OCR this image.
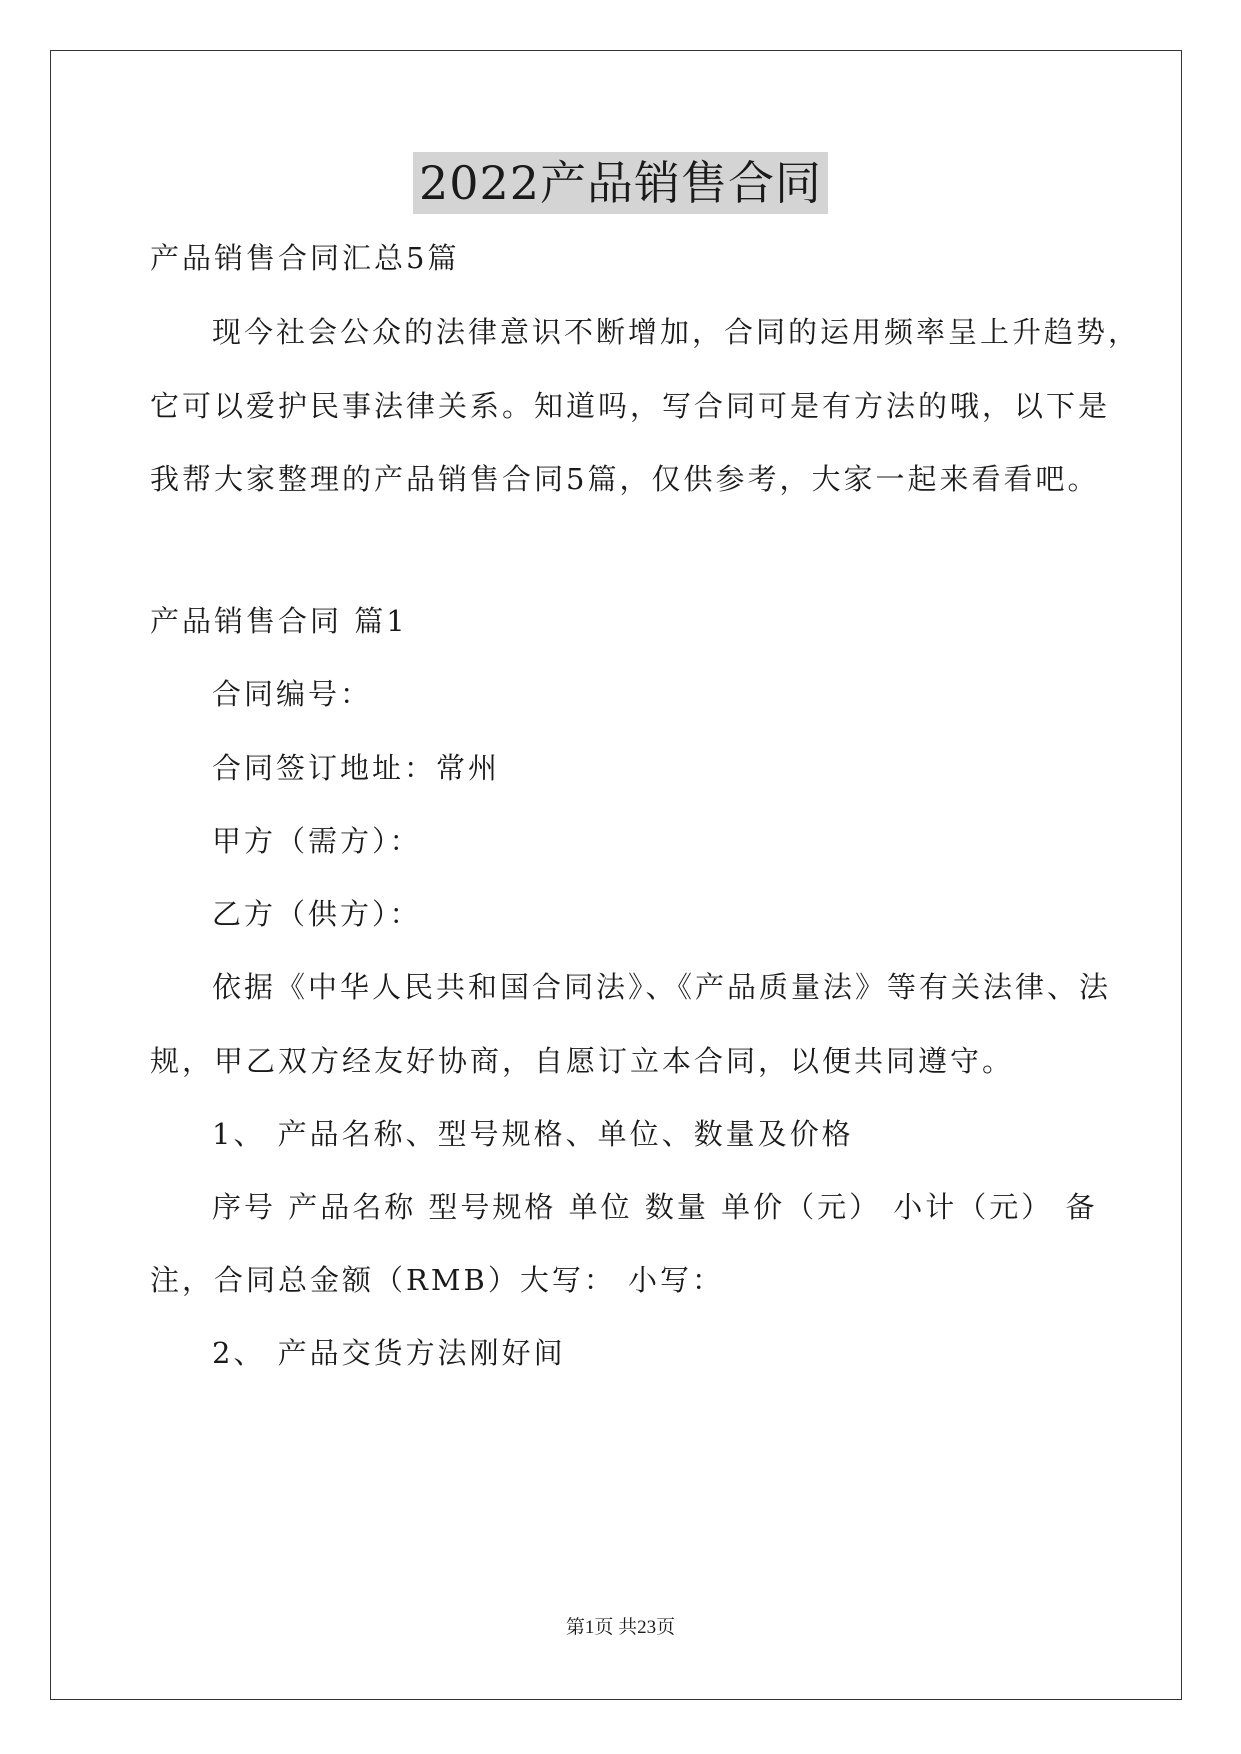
2022产品销售合同
产品销售合同汇总5篇
现今社会公众的法律意识不断增加，合同的运用频率呈上升趋势，
它可以爱护民事法律关系。知道吗，写合同可是有方法的哦，以下是
我帮大家整理的产品销售合同5篇，仅供参考，大家一起来看看吧。
产品销售合同 篇1
合同编号：
合同签订地址：常州
甲方（需方）：
乙方（供方）：
依据《中华人民共和国合同法》、《产品质量法》等有关法律、法
规，甲乙双方经友好协商，自愿订立本合同，以便共同遵守。
1、 产品名称、型号规格、单位、数量及价格
序号 产品名称 型号规格 单位 数量 单价（元） 小计（元） 备
注，合同总金额（RMB）大写： 小写：
2、 产品交货方法刚好间
第1页 共23页
